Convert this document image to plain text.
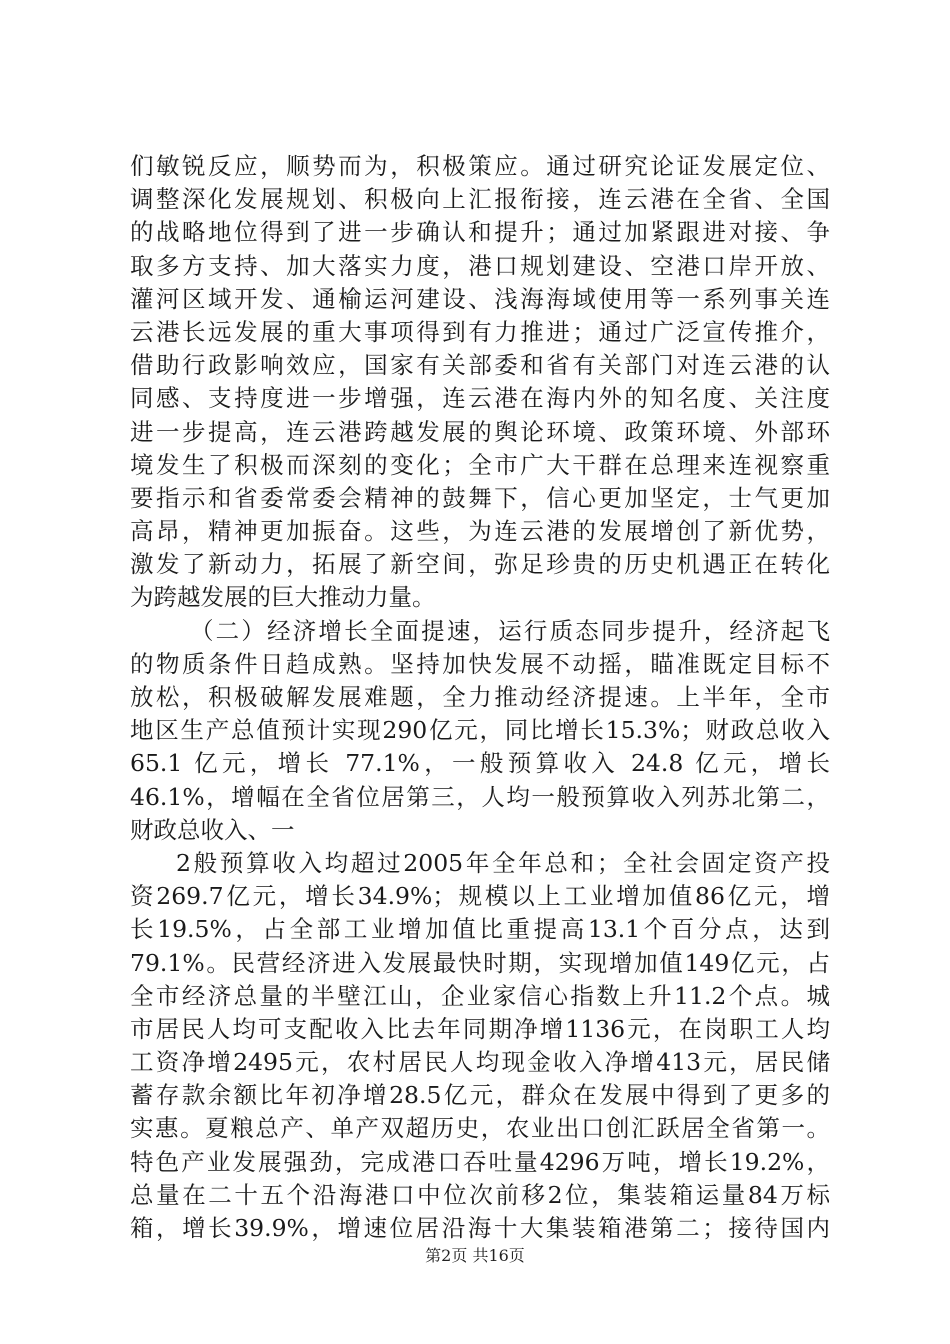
们敏锐反应，顺势而为，积极策应。通过研究论证发展定位、
调整深化发展规划、积极向上汇报衔接，连云港在全省、全国
的战略地位得到了进一步确认和提升；通过加紧跟进对接、争
取多方支持、加大落实力度，港口规划建设、空港口岸开放、
灌河区域开发、通榆运河建设、浅海海域使用等一系列事关连
云港长远发展的重大事项得到有力推进；通过广泛宣传推介，
借助行政影响效应，国家有关部委和省有关部门对连云港的认
同感、支持度进一步增强，连云港在海内外的知名度、关注度
进一步提高，连云港跨越发展的舆论环境、政策环境、外部环
境发生了积极而深刻的变化；全市广大干群在总理来连视察重
要指示和省委常委会精神的鼓舞下，信心更加坚定，士气更加
高昂，精神更加振奋。这些，为连云港的发展增创了新优势，
激发了新动力，拓展了新空间，弥足珍贵的历史机遇正在转化
为跨越发展的巨大推动力量。
（二）经济增长全面提速，运行质态同步提升，经济起飞
的物质条件日趋成熟。坚持加快发展不动摇，瞄准既定目标不
放松，积极破解发展难题，全力推动经济提速。上半年，全市
地区生产总值预计实现290亿元，同比增长15.3%；财政总收入
65.1 亿元，增长 77.1%，一般预算收入 24.8 亿元，增长
46.1%，增幅在全省位居第三，人均一般预算收入列苏北第二，
财政总收入、一
2般预算收入均超过2005年全年总和；全社会固定资产投
资269.7亿元，增长34.9%；规模以上工业增加值86亿元，增
长19.5%，占全部工业增加值比重提高13.1个百分点，达到
79.1%。民营经济进入发展最快时期，实现增加值149亿元，占
全市经济总量的半壁江山，企业家信心指数上升11.2个点。城
市居民人均可支配收入比去年同期净增1136元，在岗职工人均
工资净增2495元，农村居民人均现金收入净增413元，居民储
蓄存款余额比年初净增28.5亿元，群众在发展中得到了更多的
实惠。夏粮总产、单产双超历史，农业出口创汇跃居全省第一。
特色产业发展强劲，完成港口吞吐量4296万吨，增长19.2%，
总量在二十五个沿海港口中位次前移2位，集装箱运量84万标
箱，增长39.9%，增速位居沿海十大集装箱港第二；接待国内
第2页 共16页
